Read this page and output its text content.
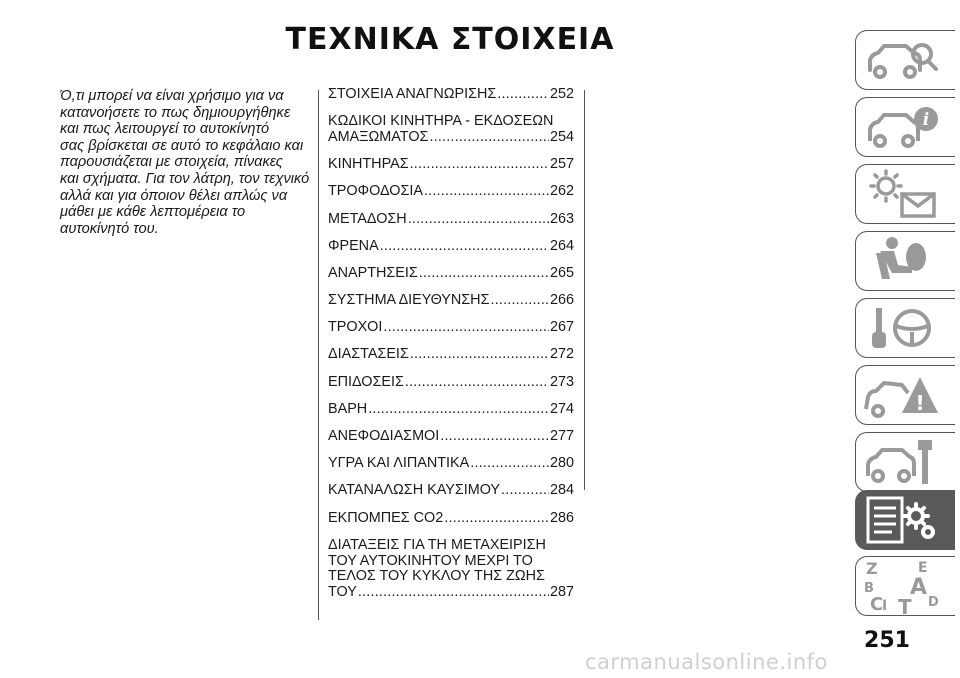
ΤΕΧΝΙΚΑ ΣΤΟΙΧΕΙΑ
Ό,τι μπορεί να είναι χρήσιμο για να
κατανοήσετε το πως δημιουργήθηκε
και πως λειτουργεί το αυτοκίνητό
σας βρίσκεται σε αυτό το κεφάλαιο και
παρουσιάζεται με στοιχεία, πίνακες
και σχήματα. Για τον λάτρη, τον τεχνικό
αλλά και για όποιον θέλει απλώς να
μάθει με κάθε λεπτομέρεια το
αυτοκίνητό του.
ΣΤΟΙΧΕΙΑ ΑΝΑΓΝΩΡΙΣΗΣ .....	252
ΚΩΔΙΚΟΙ ΚΙΝΗΤΗΡΑ - ΕΚΔΟΣΕΩΝ
ΑΜΑΞΩΜΑΤΟΣ .....	254
ΚΙΝΗΤΗΡΑΣ .....	257
ΤΡΟΦΟΔΟΣΙΑ .....	262
ΜΕΤΑΔΟΣΗ .....	263
ΦΡΕΝΑ .....	264
ΑΝΑΡΤΗΣΕΙΣ .....	265
ΣΥΣΤΗΜΑ ΔΙΕΥΘΥΝΣΗΣ .....	266
ΤΡΟΧΟΙ .....	267
ΔΙΑΣΤΑΣΕΙΣ .....	272
ΕΠΙΔΟΣΕΙΣ .....	273
ΒΑΡΗ .....	274
ΑΝΕΦΟΔΙΑΣΜΟΙ .....	277
ΥΓΡΑ ΚΑΙ ΛΙΠΑΝΤΙΚΑ .....	280
ΚΑΤΑΝΑΛΩΣΗ ΚΑΥΣΙΜΟΥ .....	284
ΕΚΠΟΜΠΕΣ CO2 .....	286
ΔΙΑΤΑΞΕΙΣ ΓΙΑ ΤΗ ΜΕΤΑΧΕΙΡΙΣΗ
ΤΟΥ ΑΥΤΟΚΙΝΗΤΟΥ ΜΕΧΡΙ ΤΟ
ΤΕΛΟΣ ΤΟΥ ΚΥΚΛΟΥ ΤΗΣ ΖΩΗΣ
ΤΟΥ .....	287
i
!
Z	E
B A
C	D
I T
251
carmanualsonline.info
